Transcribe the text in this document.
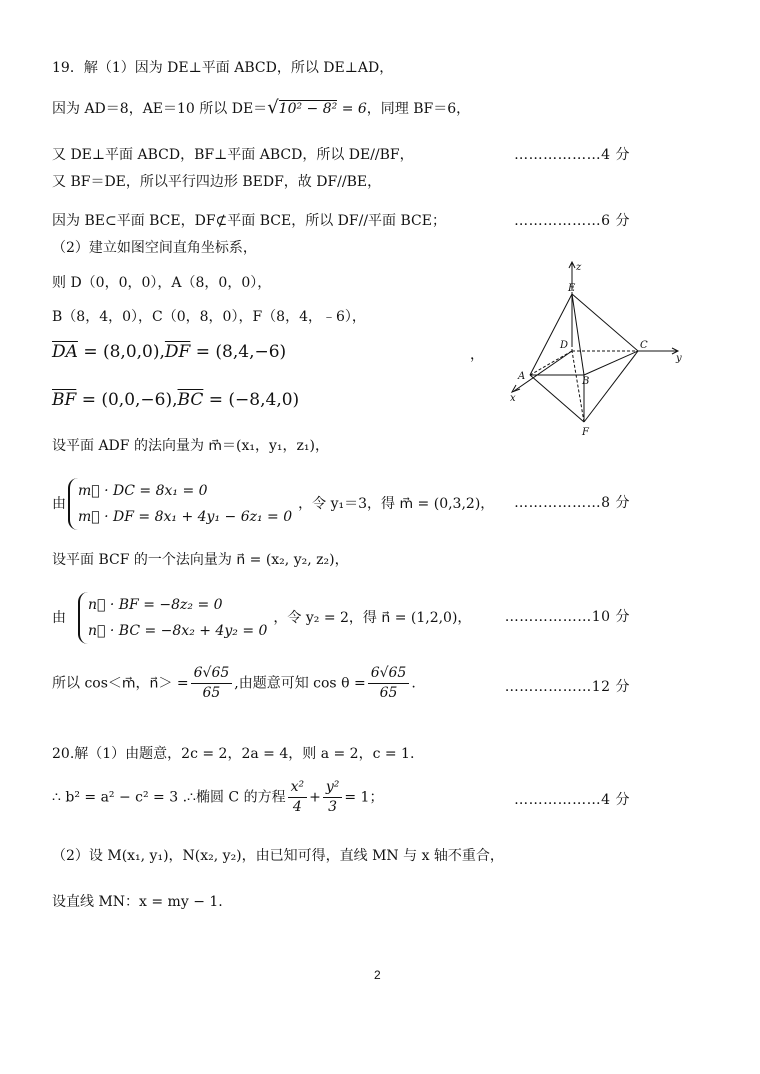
19．解（1）因为 DE⊥平面 ABCD，所以 DE⊥AD，
因为 AD＝8，AE＝10 所以 DE＝√10² − 8² = 6，同理 BF＝6，
又 DE⊥平面 ABCD，BF⊥平面 ABCD，所以 DE//BF，	………………4 分
又 BF＝DE，所以平行四边形 BEDF，故 DF//BE，
因为 BE⊂平面 BCE，DF⊄平面 BCE，所以 DF//平面 BCE；	………………6 分
（2）建立如图空间直角坐标系，
则 D（0，0，0），A（8，0，0），
B（8，4，0），C（0，8，0），F（8，4，﹣6），
$\overline{DA} = (8,0,0),\overline{DF} = (8,4,-6)$	，
$\overline{BF} = (0,0,-6),\overline{BC} = (-8,4,0)$
设平面 ADF 的法向量为 m⃗＝(x₁，y₁，z₁)，
由
m⃗ · DC = 8x₁ = 0
m⃗ · DF = 8x₁ + 4y₁ − 6z₁ = 0
，令 y₁＝3，得 m⃗ = (0,3,2)， ………………8 分
设平面 BCF 的一个法向量为 n⃗ = (x₂, y₂, z₂)，
由
n⃗ · BF = −8z₂ = 0
n⃗ · BC = −8x₂ + 4y₂ = 0
，令 y₂ = 2，得 n⃗ = (1,2,0)， ………………10 分
所以 cos＜m⃗，n⃗＞ = $\frac{6√65}{65}$ ,由题意可知 $\cos \theta = \frac{6√65}{65}$ .	………………12 分
20.解（1）由题意，2c = 2，2a = 4，则 a = 2，c = 1.
∴ b² = a² − c² = 3 .∴椭圆 C 的方程 $\frac{\text{x²}}{4} + \frac{\text{y²}}{3} = 1$；	………………4 分
（2）设 M(x₁, y₁)，N(x₂, y₂)，由已知可得，直线 MN 与 x 轴不重合，
设直线 MN：x = my − 1.
z
E
D	C
y
A	B
x
F
2
